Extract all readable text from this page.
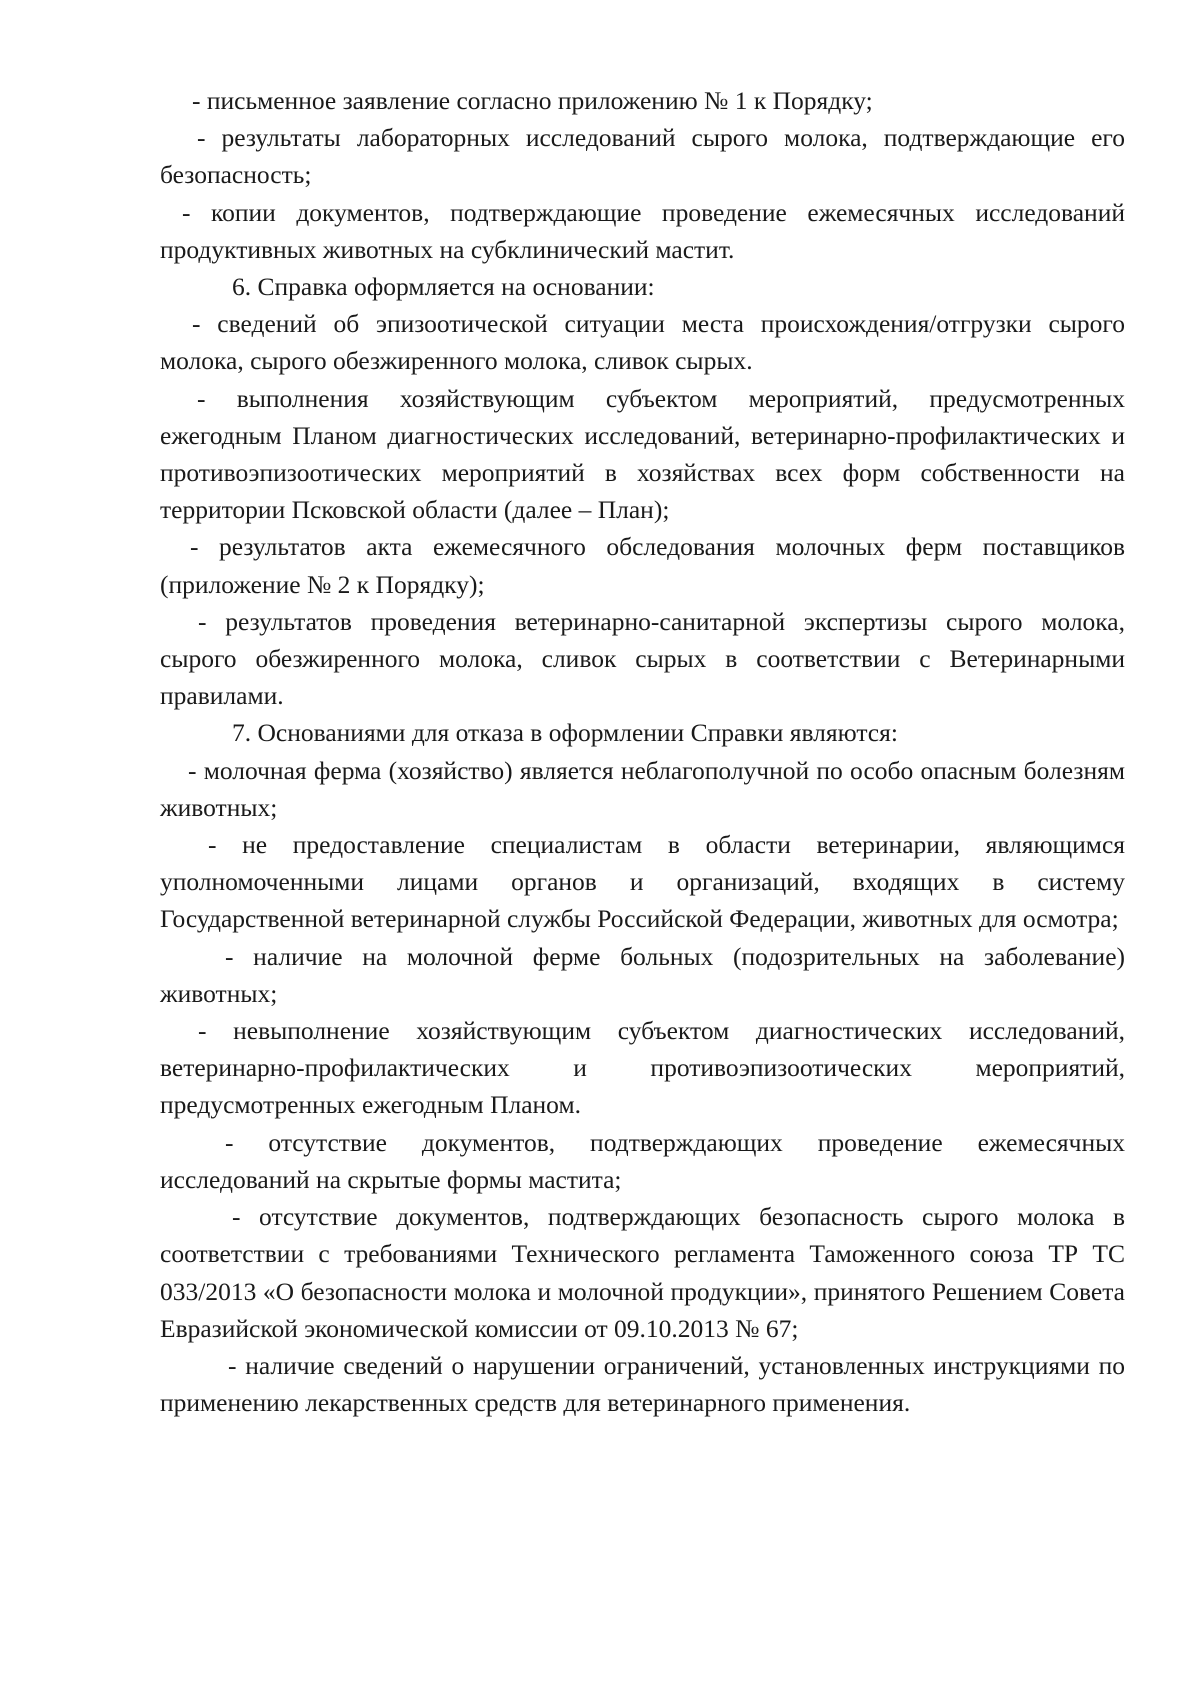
- письменное заявление согласно приложению № 1 к Порядку;

- результаты лабораторных исследований сырого молока, подтверждающие его безопасность;

- копии документов, подтверждающие проведение ежемесячных исследований продуктивных животных на субклинический мастит.

6. Справка оформляется на основании:

- сведений об эпизоотической ситуации места происхождения/отгрузки сырого молока, сырого обезжиренного молока, сливок сырых.

- выполнения хозяйствующим субъектом мероприятий, предусмотренных ежегодным Планом диагностических исследований, ветеринарно-профилактических и противоэпизоотических мероприятий в хозяйствах всех форм собственности на территории Псковской области (далее – План);

- результатов акта ежемесячного обследования молочных ферм поставщиков (приложение № 2 к Порядку);

- результатов проведения ветеринарно-санитарной экспертизы сырого молока, сырого обезжиренного молока, сливок сырых в соответствии с Ветеринарными правилами.

7. Основаниями для отказа в оформлении Справки являются:

- молочная ферма (хозяйство) является неблагополучной по особо опасным болезням животных;

- не предоставление специалистам в области ветеринарии, являющимся уполномоченными лицами органов и организаций, входящих в систему Государственной ветеринарной службы Российской Федерации, животных для осмотра;

- наличие на молочной ферме больных (подозрительных на заболевание) животных;

- невыполнение хозяйствующим субъектом диагностических исследований, ветеринарно-профилактических и противоэпизоотических мероприятий, предусмотренных ежегодным Планом.

- отсутствие документов, подтверждающих проведение ежемесячных исследований на скрытые формы мастита;

- отсутствие документов, подтверждающих безопасность сырого молока в соответствии с требованиями Технического регламента Таможенного союза ТР ТС 033/2013 «О безопасности молока и молочной продукции», принятого Решением Совета Евразийской экономической комиссии от 09.10.2013 № 67;

- наличие сведений о нарушении ограничений, установленных инструкциями по применению лекарственных средств для ветеринарного применения.
